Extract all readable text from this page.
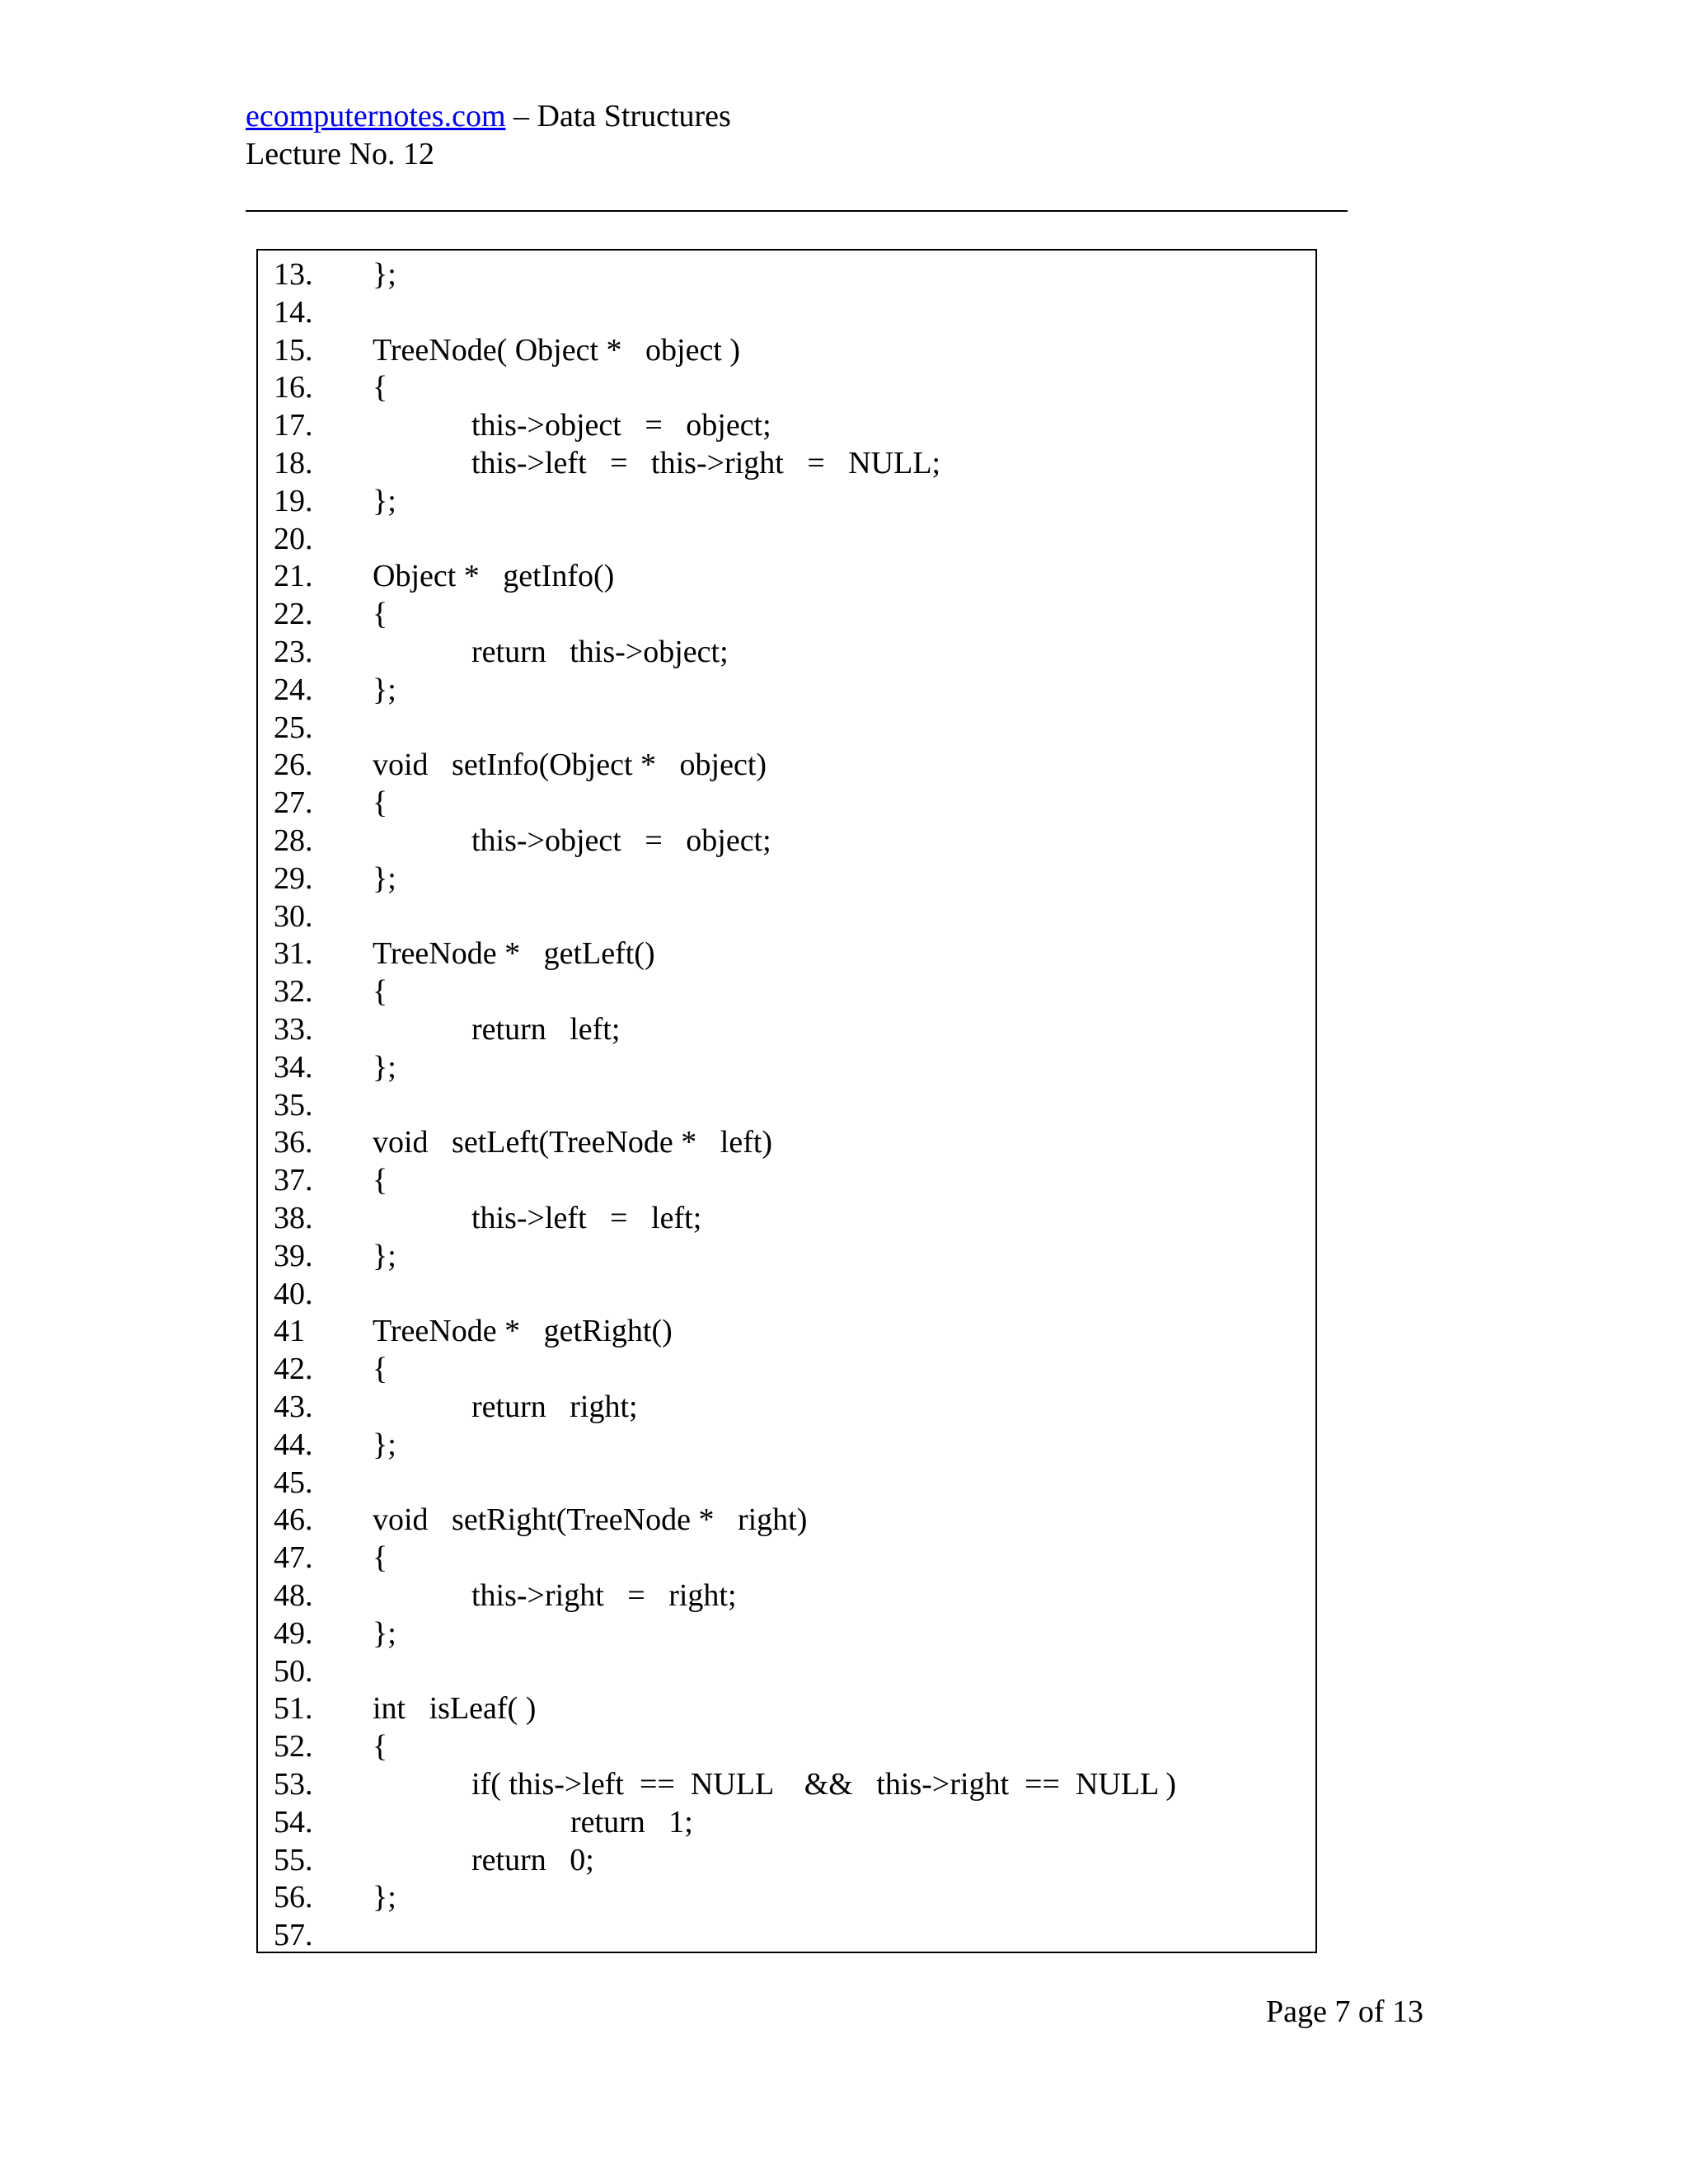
ecomputernotes.com – Data Structures
Lecture No. 12
13. };
14.
15. TreeNode( Object *   object )
16. {
17.	this->object   =   object;
18.	this->left   =   this->right   =   NULL;
19. };
20.
21. Object *   getInfo()
22. {
23.	return   this->object;
24. };
25.
26. void   setInfo(Object *   object)
27. {
28.	this->object   =   object;
29. };
30.
31. TreeNode *   getLeft()
32. {
33.	return   left;
34. };
35.
36. void   setLeft(TreeNode *   left)
37. {
38.	this->left   =   left;
39. };
40.
41 TreeNode *   getRight()
42. {
43.	return   right;
44. };
45.
46. void   setRight(TreeNode *   right)
47. {
48.	this->right   =   right;
49. };
50.
51. int   isLeaf( )
52. {
53.	if( this->left  ==  NULL    &&   this->right  ==  NULL )
54.	return   1;
55.	return   0;
56. };
57.
Page 7 of 13
